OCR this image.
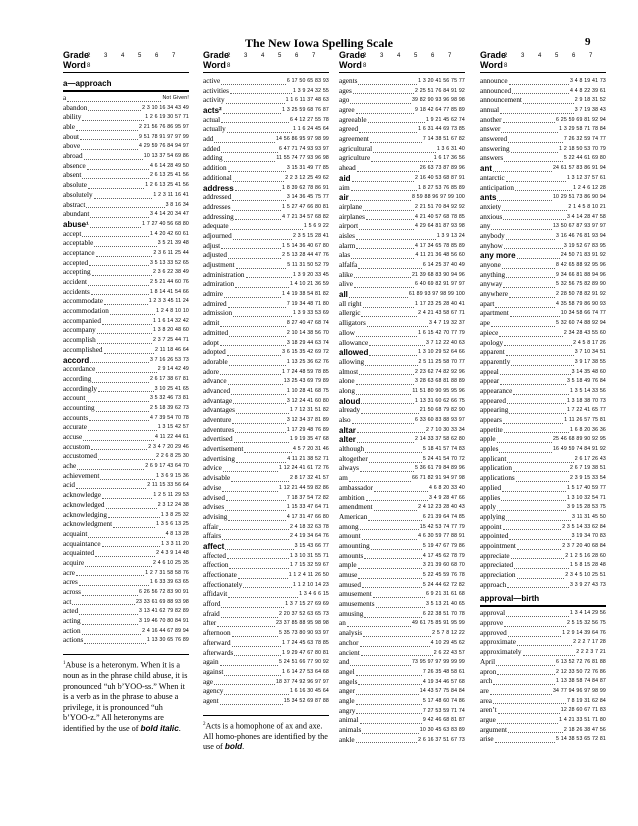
The New Iowa Spelling Scale	9
Grade
Word
2 3 4 5 6 7 8
a—approach
a	Not Given!
abandon	2 3 10 16 34 43 49
ability	1 2 6 19 30 57 71
able	2 21 56 76 86 95 97
about	9 51 78 91 97 97 99
above	4 29 59 76 84 94 97
abroad	10 13 37 54 69 86
absence	4 6 14 28 49 50
absent	2 6 13 25 41 56
absolute	1 2 6 13 25 41 56
absolutely	1 2 3 11 16 41
abstract	3 8 16 34
abundant	3 4 14 20 34 47
abuse¹	1 7 27 40 56 68 80
accept	1 4 20 42 60 61
acceptable	3 5 21 39 48
acceptance	2 3 6 11 25 44
accepted	3 5 13 33 52 65
accepting	2 3 6 22 38 49
accident	2 5 21 44 60 76
accidents	1 8 14 41 54 66
accommodate	1 2 3 3 45 11 24
accommodation	1 2 4 8 10 10
accompanied	1 1 6 14 32 42
accompany	1 3 8 20 48 60
accomplish	2 3 7 25 44 71
accomplished	2 11 18 46 64
accord	3 7 16 26 53 73
accordance	2 9 14 42 49
according	2 6 17 38 67 81
accordingly	3 10 25 41 65
account	3 5 32 46 73 81
accounting	2 5 18 39 62 73
accounts	4 7 39 54 70 78
accurate	1 3 15 42 57
accuse	4 11 22 44 61
accustom	2 3 4 7 20 29 46
accustomed	2 2 6 8 25 30
ache	2 6 9 17 43 64 70
achievement	1 3 6 9 15 36
acid	2 11 15 33 56 64
acknowledge	1 2 5 11 29 53
acknowledged	2 3 12 24 38
acknowledging	1 3 8 25 32
acknowledgment	1 3 5 6 13 25
acquaint	4 8 13 28
acquaintance	1 3 3 11 20
acquainted	2 4 3 9 14 48
acquire	2 4 6 10 25 35
acre	1 2 7 31 58 58 76
acres	1 6 33 39 63 65
across	6 26 56 72 83 90 91
act	23 33 61 69 88 93 98
acted	3 13 41 62 79 82 89
acting	3 19 46 70 80 84 91
action	2 4 16 44 67 89 94
actions	1 13 30 65 76 89
$^1$Abuse is a heteronym. When it is a noun as in the phrase child abuse, it is pronounced “uh b’YOO-ss.” When it is a verb as in the phrase to abuse a privilege, it is pronounced “uh b’YOO-z.” All heteronyms are identified by the use of bold italic.
Grade
Word
2 3 4 5 6 7 8
active	6 17 50 65 83 93
activities	1 3 9 24 32 55
activity	1 1 6 11 37 48 63
acts²	1 3 25 59 68 76 87
actual	6 4 12 27 55 78
actually	1 1 6 24 45 64
add	14 56 86 95 97 98 99
added	6 47 71 74 93 93 97
adding	11 55 74 77 93 96 98
addition	3 15 31 49 77 85
additional	2 2 3 12 25 49 62
address	1 8 39 62 78 86 91
addressed	3 14 36 45 75 77
addresses	1 5 27 47 66 80 81
addressing	4 7 21 34 57 68 82
adequate	1 5 6 9 22
adjourned	2 3 5 15 28 41
adjust	1 5 14 36 40 67 80
adjusted	2 5 13 28 44 47 76
adjustment	5 11 31 50 52 79
administration	1 3 9 20 33 45
admiration	1 4 10 21 36 59
admire	1 4 19 38 54 81 82
admired	7 19 34 48 71 80
admission	1 3 9 33 53 69
admit	8 27 40 47 68 74
admitted	2 10 14 38 56 70
adopt	3 18 29 44 63 74
adopted	3 6 15 35 42 69 72
adorable	1 13 25 36 62 76
adore	1 7 24 48 59 78 85
advance	13 25 43 69 79 89
advanced	1 10 28 41 68 75
advantage	3 12 24 41 60 80
advantages	1 7 12 31 51 82
adventure	3 12 34 37 81 89
adventures	1 17 29 48 76 89
advertised	1 9 19 35 47 68
advertisement	4 5 7 20 31 46
advertising	4 11 21 38 52 71
advice	1 12 24 41 61 72 76
advisable	2 8 17 32 41 57
advise	1 12 21 44 59 82 86
advised	7 18 37 54 72 82
advises	1 15 33 47 64 71
advising	4 17 31 47 66 80
affair	2 4 18 32 63 78
affairs	2 4 19 34 64 76
affect	3 15 43 66 77
affected	1 3 10 31 55 71
affection	1 7 15 32 59 67
affectionate	1 1 2 4 11 26 50
affectionately	1 1 2 10 14 23
affidavit	1 3 4 6 6 15
afford	1 3 7 15 27 69 69
afraid	2 20 37 52 63 65 73
after	23 37 85 88 95 98 98
afternoon	5 35 73 80 90 93 97
afterward	1 7 24 45 63 78 85
afterwards	1 9 29 47 67 80 81
again	5 24 51 66 77 90 92
against	1 6 14 27 53 64 68
age	18 37 74 92 96 97 97
agency	1 6 16 30 45 64
agent	15 34 52 69 87 88
$^2$Acts is a homophone of ax and axe. All homo-phones are identified by the use of bold.
Grade
Word
2 3 4 5 6 7 8
agents	1 3 20 41 56 75 77
ages	2 25 51 76 84 91 92
ago	39 82 90 93 96 98 98
agree	9 18 42 64 77 85 89
agreeable	1 9 21 45 62 74
agreed	1 6 31 44 69 73 85
agreement	7 14 38 51 67 82
agricultural	1 3 6 31 40
agriculture	1 6 17 36 56
ahead	26 63 73 87 89 96
aid	2 16 40 53 68 87 91
aim	1 8 27 53 76 85 89
air	8 59 88 96 97 99 100
airplane	2 21 51 70 84 92 92
airplanes	4 21 40 57 68 78 85
airport	4 29 64 81 87 93 98
aisles	1 3 9 13 24
alarm	4 17 34 65 78 85 89
alas	4 11 21 36 48 56 60
alfalfa	6 14 25 37 40 49
alike	21 39 68 83 90 94 96
alive	6 40 69 82 91 97 97
all	61 89 93 97 98 99 100
all right	1 17 23 25 28 40 41
allergic	2 4 21 43 58 67 71
alligators	3 4 7 19 32 37
allow	1 6 15 42 70 77 79
allowance	3 7 12 22 40 63
allowed	1 3 10 29 52 64 66
allowing	2 5 11 25 58 70 77
almost	2 23 62 74 82 92 96
alone	3 28 63 68 81 88 89
along	11 51 80 90 95 95 96
aloud	1 13 31 60 62 66 75
already	21 50 68 79 82 90
also	6 33 60 83 88 93 97
altar	2 7 10 30 33 34
alter	2 14 33 37 58 62 80
although	5 18 41 57 74 83
altogether	5 24 41 54 70 72
always	5 36 61 79 84 89 96
am	66 71 82 91 94 97 98
ambassador	4 6 8 20 33 40
ambition	3 4 9 28 47 66
amendment	2 4 12 23 28 40 43
American	6 21 39 64 74 85
among	15 42 53 74 77 79
amount	4 6 30 59 77 88 91
amounting	5 19 47 67 79 86
amounts	4 17 45 62 78 79
ample	3 21 39 60 68 70
amuse	5 22 45 59 76 78
amused	5 24 44 62 72 82
amusement	6 9 21 31 61 68
amusements	3 5 13 21 40 65
amusing	6 22 38 51 70 78
an	49 61 75 85 91 95 99
analysis	2 5 7 8 12 22
anchor	4 10 29 45 62
ancient	2 6 22 43 57
and	73 95 97 97 99 99 99
angel	7 26 35 48 58 61
angels	4 19 34 46 57 68
anger	14 43 57 75 84 84
angle	5 17 48 60 74 86
angry	7 27 53 59 71 74
animal	9 42 46 68 81 87
animals	10 30 45 63 83 89
ankle	2 6 16 37 51 67 73
Grade
Word
2 3 4 5 6 7 8
announce	3 4 8 19 41 73
announced	4 4 8 22 39 61
announcement	2 9 18 31 52
annual	3 7 19 38 43
another	6 25 59 69 81 92 94
answer	1 3 29 58 71 78 84
answered	7 26 32 59 74 77
answering	1 2 18 50 53 70 79
answers	5 22 44 61 69 80
ant	24 61 57 83 86 91 94
antarctic	1 3 12 37 57 61
anticipation	1 2 4 6 12 28
ants	10 29 51 73 86 90 94
anxiety	2 1 4 5 8 10 21
anxious	3 4 14 28 47 58
any	13 50 67 87 93 97 97
anybody	3 16 46 76 81 93 94
anyhow	3 19 52 67 83 95
any more	24 50 71 83 91 92
anyone	8 42 65 88 92 95 96
anything	9 34 66 81 88 94 96
anyway	5 32 56 75 82 89 90
anywhere	2 28 50 78 82 91 92
apart	4 35 58 79 86 90 93
apartment	10 34 58 66 74 77
ape	5 32 60 74 88 92 94
apiece	2 34 28 43 55 60
apology	2 4 5 8 17 26
apparent	3 7 10 34 51
apparently	3 9 17 38 55
appeal	3 14 35 48 60
appear	3 5 18 49 76 84
appearance	1 3 5 14 33 56
appeared	1 3 18 38 70 73
appearing	1 7 22 41 65 77
appears	1 11 26 57 75 81
appetite	1 6 8 20 36 36
apple	25 46 68 89 90 92 95
apples	16 49 59 74 84 91 92
applicant	2 6 17 26 43
application	2 6 7 19 38 51
applications	2 3 9 15 33 54
applied	1 5 17 40 59 77
applies	1 3 10 32 54 71
apply	3 9 15 28 53 75
applying	3 11 31 45 50
appoint	2 3 5 14 33 62 84
appointed	3 19 34 70 83
appointment	2 3 7 20 40 68 84
appreciate	2 1 2 5 16 28 60
appreciated	1 5 8 15 28 48
appreciation	2 3 4 5 10 25 51
approach	3 3 9 27 43 73
approval—birth
approval	1 3 4 14 29 56
approve	2 5 15 32 56 75
approved	1 2 9 14 39 64 76
approximate	2 2 2 7 17 28
approximately	2 2 2 3 7 21
April	6 13 52 72 76 81 88
apron	2 12 33 50 72 76 86
arch	1 13 38 58 74 84 87
are	34 77 94 96 97 98 99
area	7 8 19 31 62 84
aren’t	12 28 60 67 71 83
argue	1 4 21 33 51 71 80
argument	2 18 26 38 47 56
arise	5 14 38 53 65 72 81
